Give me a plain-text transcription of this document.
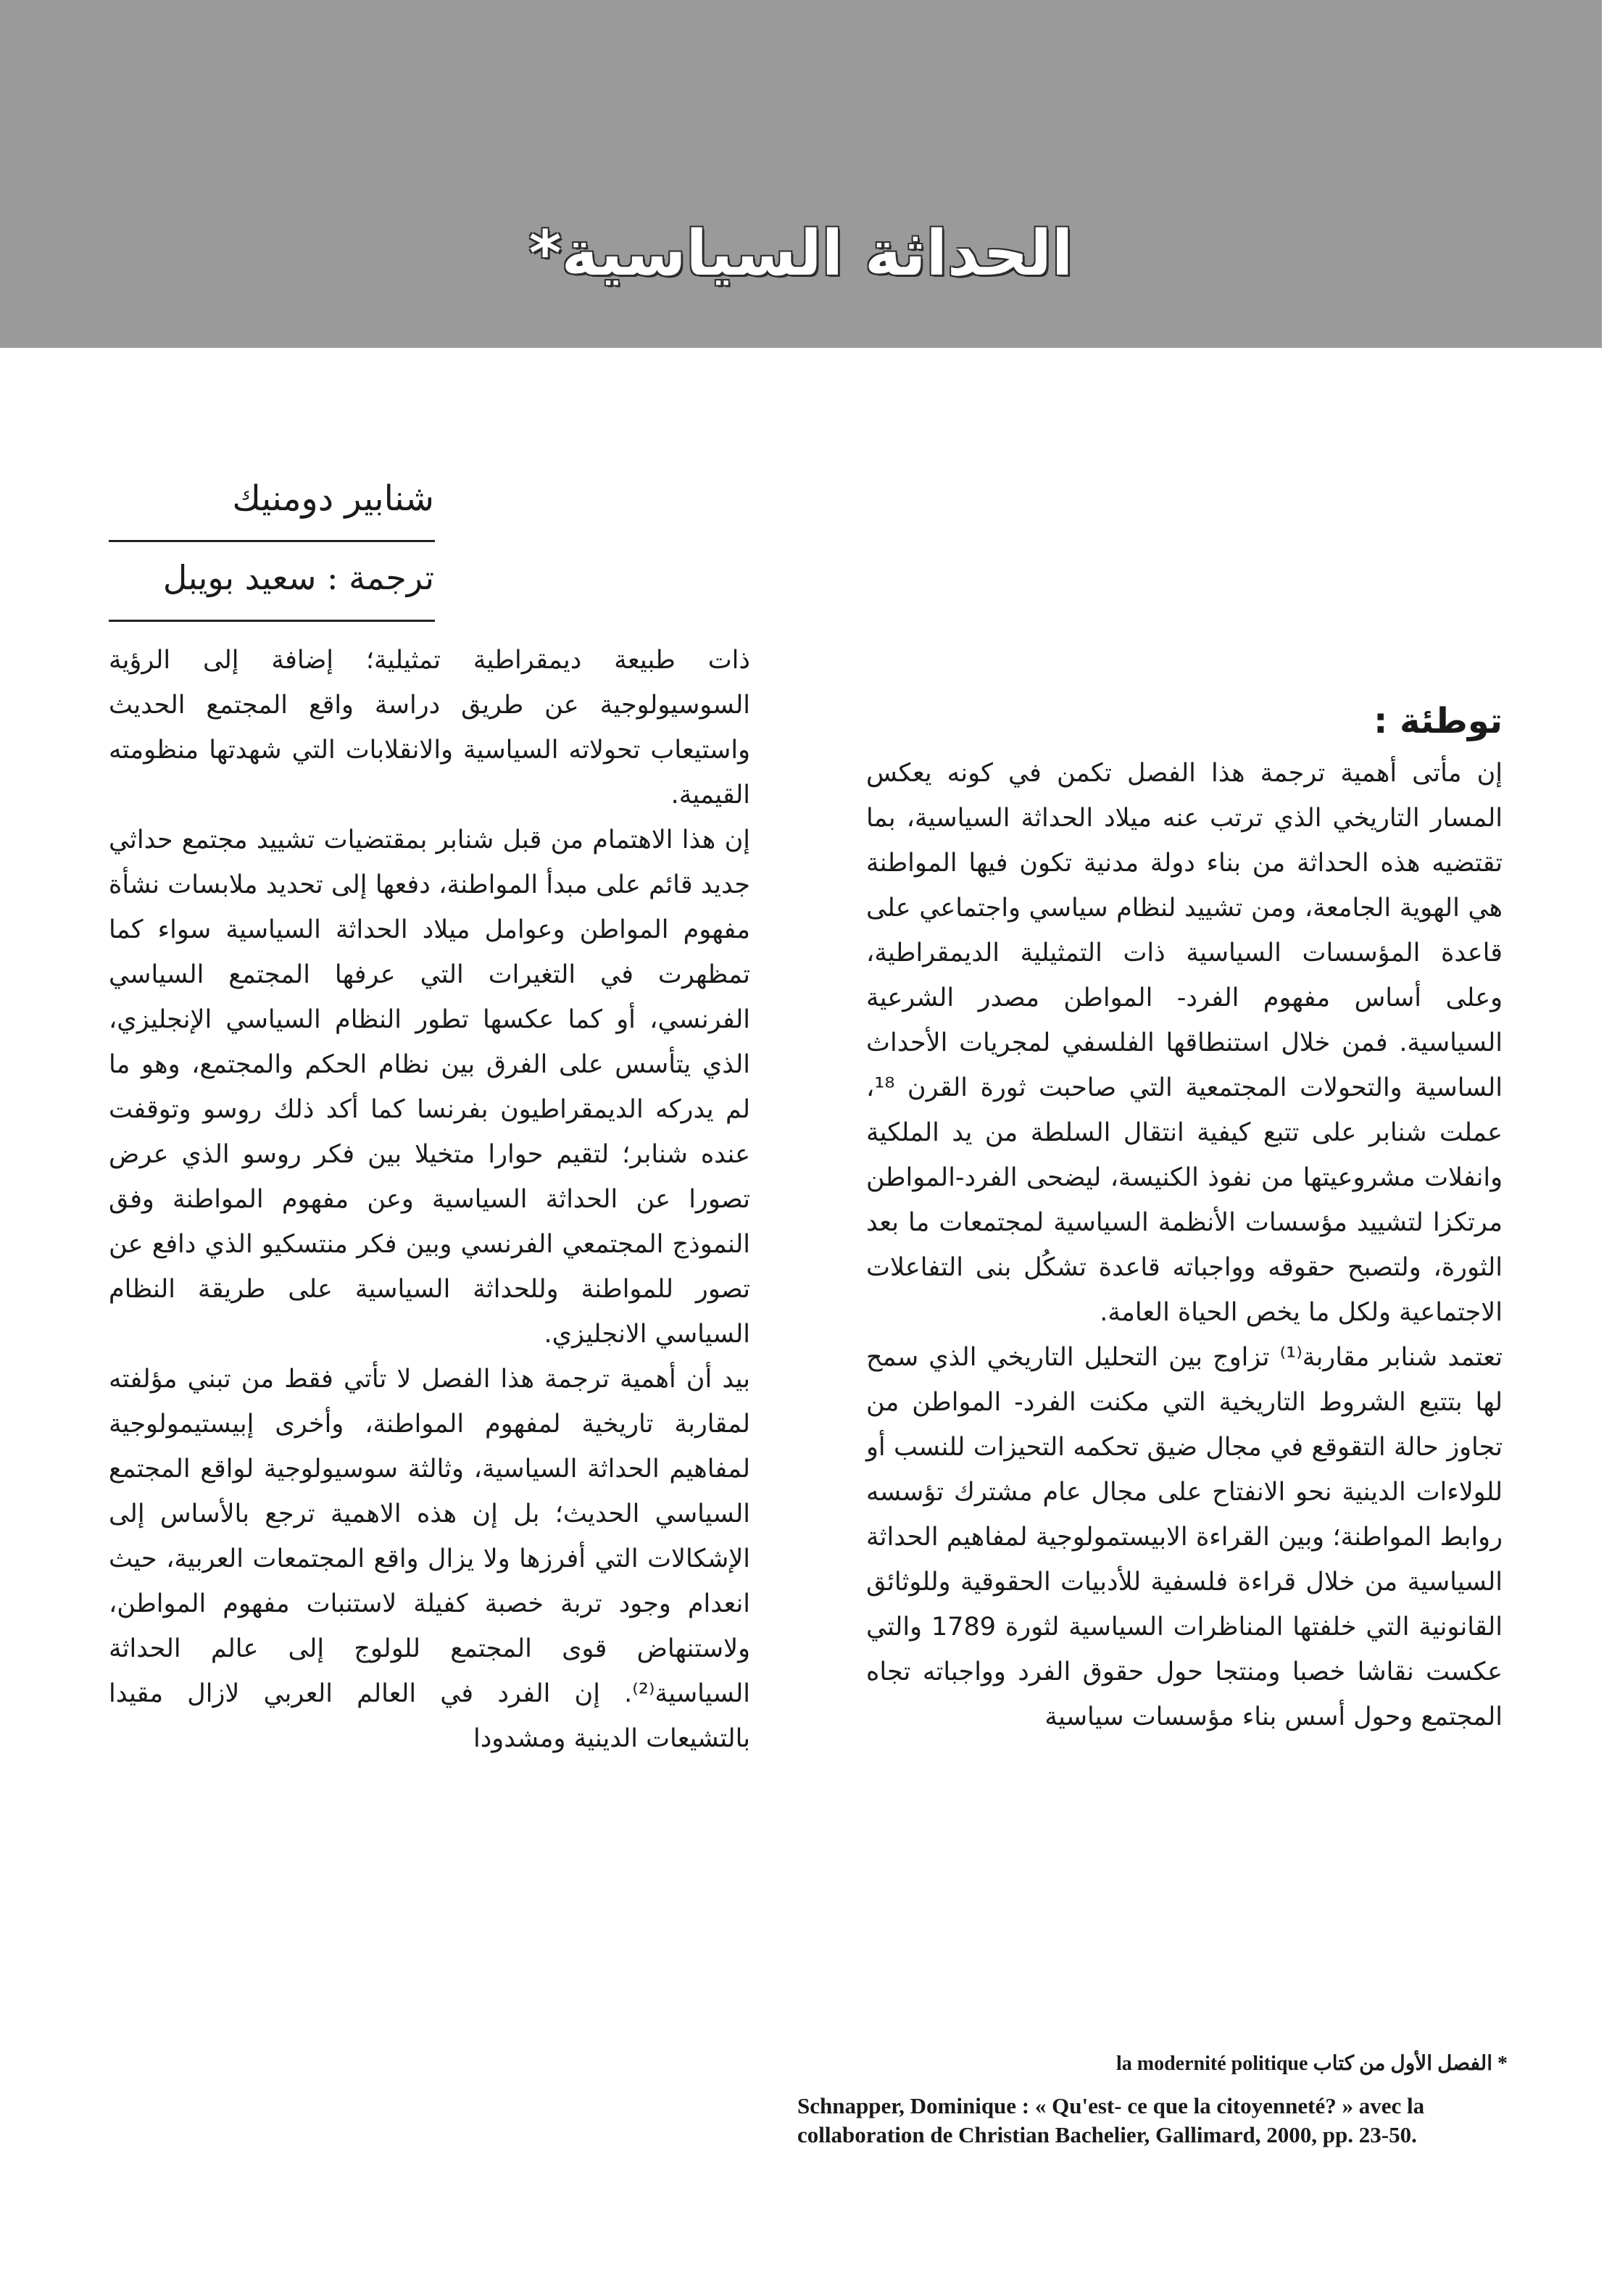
الحداثة السياسية*
شنابير دومنيك
ترجمة : سعيد بويبل

ذات طبيعة ديمقراطية تمثيلية؛ إضافة إلى الرؤية السوسيولوجية عن طريق دراسة واقع المجتمع الحديث واستيعاب تحولاته السياسية والانقلابات التي شهدتها منظومته القيمية.

إن هذا الاهتمام من قبل شنابر بمقتضيات تشييد مجتمع حداثي جديد قائم على مبدأ المواطنة، دفعها إلى تحديد ملابسات نشأة مفهوم المواطن وعوامل ميلاد الحداثة السياسية سواء كما تمظهرت في التغيرات التي عرفها المجتمع السياسي الفرنسي، أو كما عكسها تطور النظام السياسي الإنجليزي، الذي يتأسس على الفرق بين نظام الحكم والمجتمع، وهو ما لم يدركه الديمقراطيون بفرنسا كما أكد ذلك روسو وتوقفت عنده شنابر؛ لتقيم حوارا متخيلا بين فكر روسو الذي عرض تصورا عن الحداثة السياسية وعن مفهوم المواطنة وفق النموذج المجتمعي الفرنسي وبين فكر منتسكيو الذي دافع عن تصور للمواطنة وللحداثة السياسية على طريقة النظام السياسي الانجليزي.

بيد أن أهمية ترجمة هذا الفصل لا تأتي فقط من تبني مؤلفته لمقاربة تاريخية لمفهوم المواطنة، وأخرى إبيستيمولوجية لمفاهيم الحداثة السياسية، وثالثة سوسيولوجية لواقع المجتمع السياسي الحديث؛ بل إن هذه الاهمية ترجع بالأساس إلى الإشكالات التي أفرزها ولا يزال واقع المجتمعات العربية، حيث انعدام وجود تربة خصبة كفيلة لاستنبات مفهوم المواطن، ولاستنهاض قوى المجتمع للولوج إلى عالم الحداثة السياسية⁽²⁾. إن الفرد في العالم العربي لازال مقيدا بالتشيعات الدينية ومشدودا

توطئة :

إن مأتى أهمية ترجمة هذا الفصل تكمن في كونه يعكس المسار التاريخي الذي ترتب عنه ميلاد الحداثة السياسية، بما تقتضيه هذه الحداثة من بناء دولة مدنية تكون فيها المواطنة هي الهوية الجامعة، ومن تشييد لنظام سياسي واجتماعي على قاعدة المؤسسات السياسية ذات التمثيلية الديمقراطية، وعلى أساس مفهوم الفرد- المواطن مصدر الشرعية السياسية. فمن خلال استنطاقها الفلسفي لمجريات الأحداث الساسية والتحولات المجتمعية التي صاحبت ثورة القرن ¹⁸، عملت شنابر على تتبع كيفية انتقال السلطة من يد الملكية وانفلات مشروعيتها من نفوذ الكنيسة، ليضحى الفرد-المواطن مرتكزا لتشييد مؤسسات الأنظمة السياسية لمجتمعات ما بعد الثورة، ولتصبح حقوقه وواجباته قاعدة تشكُل بنى التفاعلات الاجتماعية ولكل ما يخص الحياة العامة.

تعتمد شنابر مقاربة⁽¹⁾ تزاوج بين التحليل التاريخي الذي سمح لها بتتبع الشروط التاريخية التي مكنت الفرد- المواطن من تجاوز حالة التقوقع في مجال ضيق تحكمه التحيزات للنسب أو للولاءات الدينية نحو الانفتاح على مجال عام مشترك تؤسسه روابط المواطنة؛ وبين القراءة الابيستمولوجية لمفاهيم الحداثة السياسية من خلال قراءة فلسفية للأدبيات الحقوقية وللوثائق القانونية التي خلفتها المناظرات السياسية لثورة 1789 والتي عكست نقاشا خصبا ومنتجا حول حقوق الفرد وواجباته تجاه المجتمع وحول أسس بناء مؤسسات سياسية

* الفصل الأول من كتاب la modernité politique

Schnapper, Dominique : « Qu'est- ce que la citoyenneté? » avec la collaboration de Christian Bachelier, Gallimard, 2000, pp. 23-50.
